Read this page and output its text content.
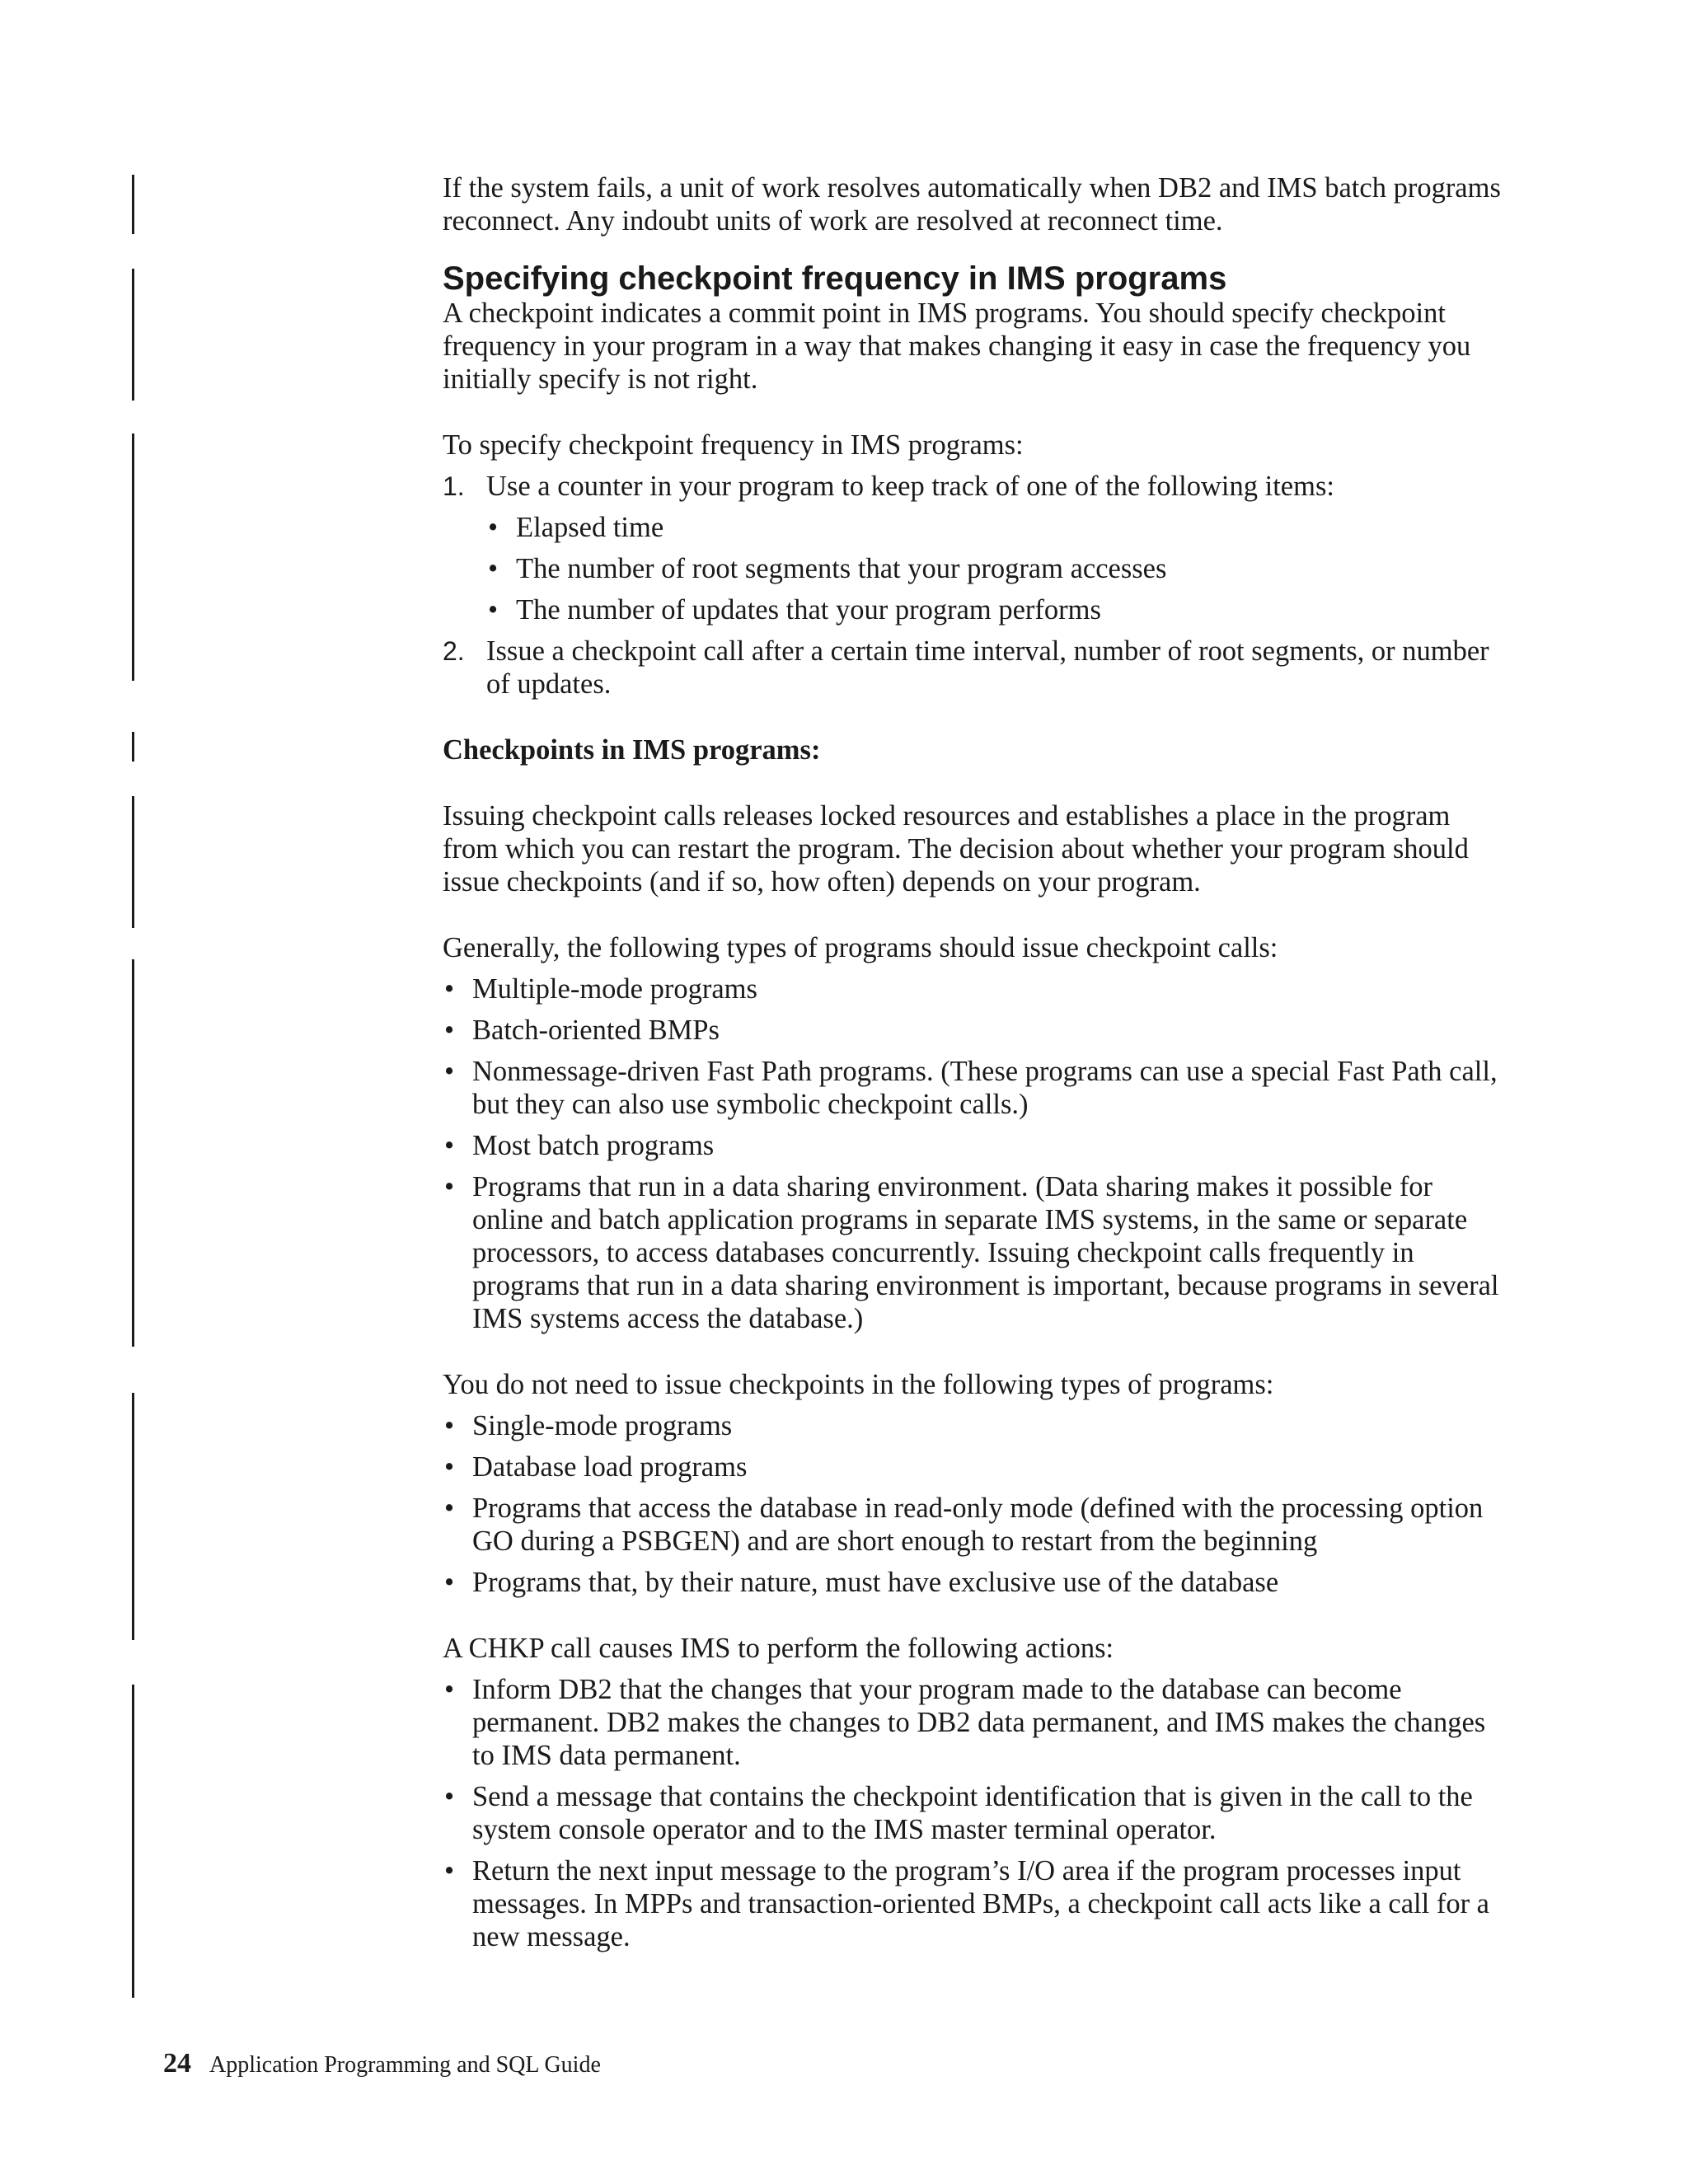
If the system fails, a unit of work resolves automatically when DB2 and IMS batch programs reconnect. Any indoubt units of work are resolved at reconnect time.

Specifying checkpoint frequency in IMS programs

A checkpoint indicates a commit point in IMS programs. You should specify checkpoint frequency in your program in a way that makes changing it easy in case the frequency you initially specify is not right.

To specify checkpoint frequency in IMS programs:

1. Use a counter in your program to keep track of one of the following items:
• Elapsed time
• The number of root segments that your program accesses
• The number of updates that your program performs
2. Issue a checkpoint call after a certain time interval, number of root segments, or number of updates.

Checkpoints in IMS programs:

Issuing checkpoint calls releases locked resources and establishes a place in the program from which you can restart the program. The decision about whether your program should issue checkpoints (and if so, how often) depends on your program.

Generally, the following types of programs should issue checkpoint calls:

• Multiple-mode programs
• Batch-oriented BMPs
• Nonmessage-driven Fast Path programs. (These programs can use a special Fast Path call, but they can also use symbolic checkpoint calls.)
• Most batch programs
• Programs that run in a data sharing environment. (Data sharing makes it possible for online and batch application programs in separate IMS systems, in the same or separate processors, to access databases concurrently. Issuing checkpoint calls frequently in programs that run in a data sharing environment is important, because programs in several IMS systems access the database.)

You do not need to issue checkpoints in the following types of programs:

• Single-mode programs
• Database load programs
• Programs that access the database in read-only mode (defined with the processing option GO during a PSBGEN) and are short enough to restart from the beginning
• Programs that, by their nature, must have exclusive use of the database

A CHKP call causes IMS to perform the following actions:

• Inform DB2 that the changes that your program made to the database can become permanent. DB2 makes the changes to DB2 data permanent, and IMS makes the changes to IMS data permanent.
• Send a message that contains the checkpoint identification that is given in the call to the system console operator and to the IMS master terminal operator.
• Return the next input message to the program’s I/O area if the program processes input messages. In MPPs and transaction-oriented BMPs, a checkpoint call acts like a call for a new message.
24 Application Programming and SQL Guide
